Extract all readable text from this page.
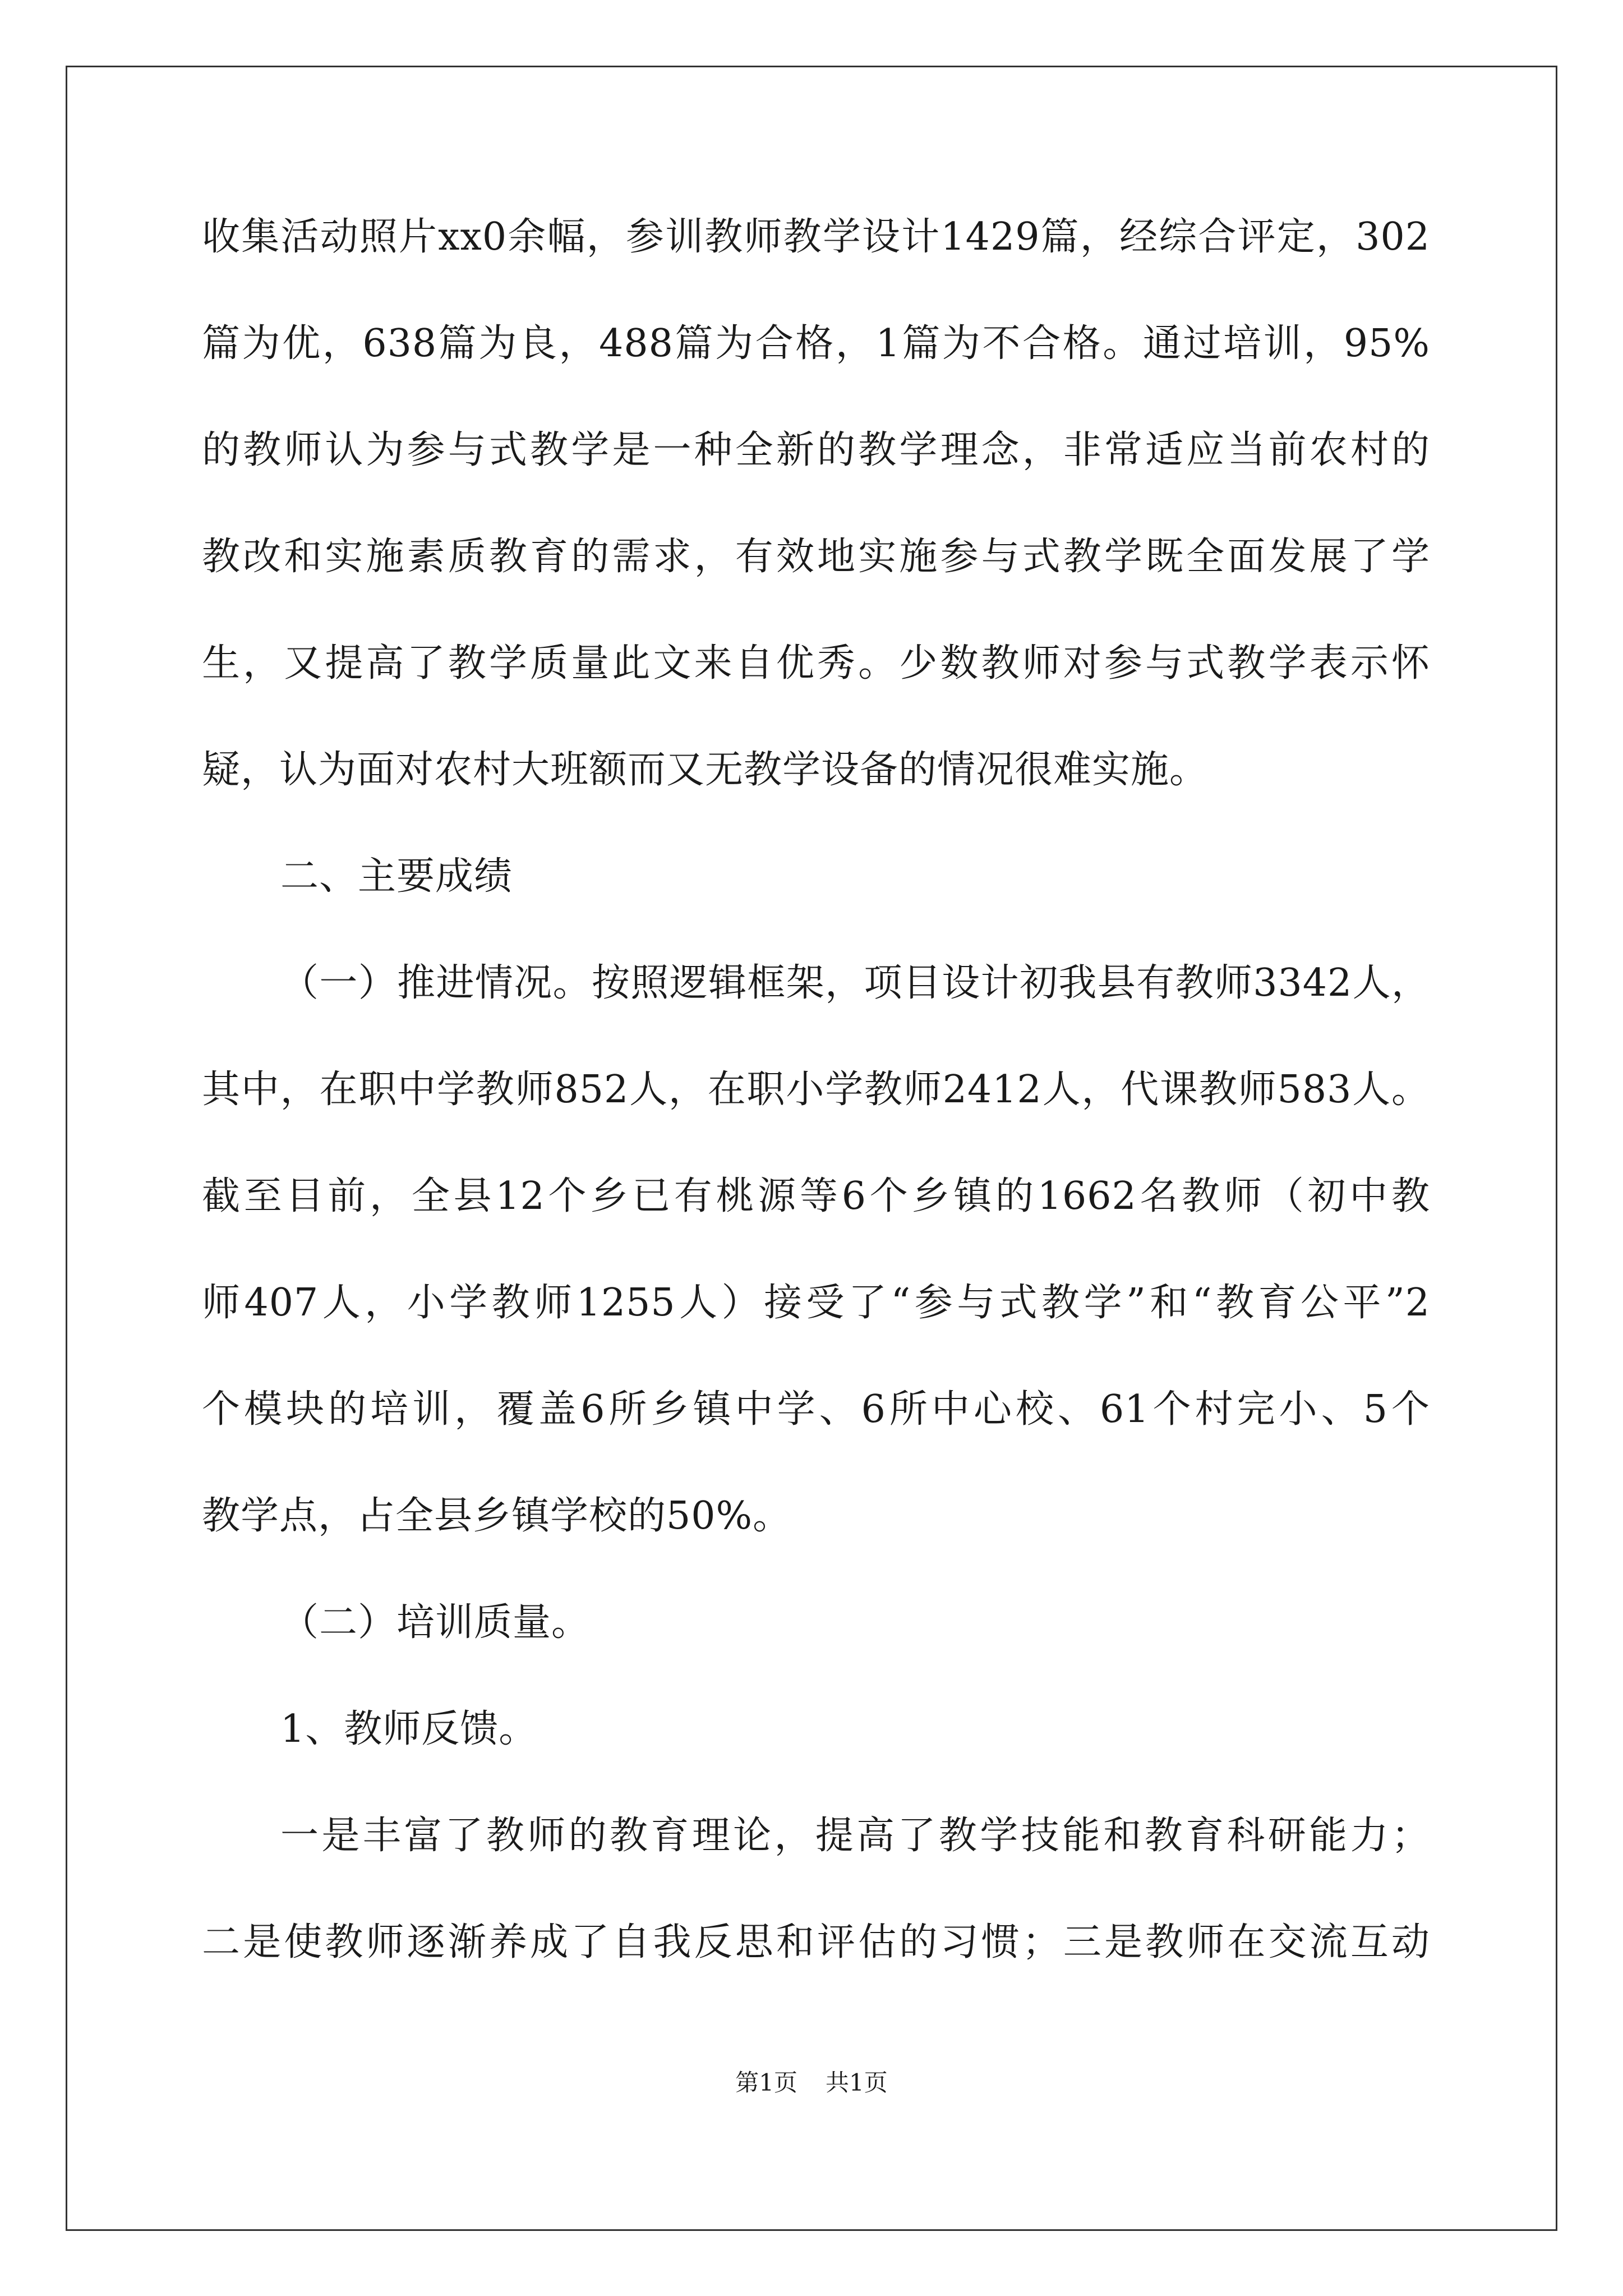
收集活动照片xx0余幅，参训教师教学设计1429篇，经综合评定，302
篇为优，638篇为良，488篇为合格，1篇为不合格。通过培训，95%
的教师认为参与式教学是一种全新的教学理念，非常适应当前农村的
教改和实施素质教育的需求，有效地实施参与式教学既全面发展了学
生，又提高了教学质量此文来自优秀。少数教师对参与式教学表示怀
疑，认为面对农村大班额而又无教学设备的情况很难实施。
二、主要成绩
（一）推进情况。按照逻辑框架，项目设计初我县有教师3342人，
其中，在职中学教师852人，在职小学教师2412人，代课教师583人。
截至目前，全县12个乡已有桃源等6个乡镇的1662名教师（初中教
师407人，小学教师1255人）接受了“参与式教学”和“教育公平”2
个模块的培训，覆盖6所乡镇中学、6所中心校、61个村完小、5个
教学点，占全县乡镇学校的50%。
（二）培训质量。
1、教师反馈。
一是丰富了教师的教育理论，提高了教学技能和教育科研能力；
二是使教师逐渐养成了自我反思和评估的习惯；三是教师在交流互动
第1页 共1页
